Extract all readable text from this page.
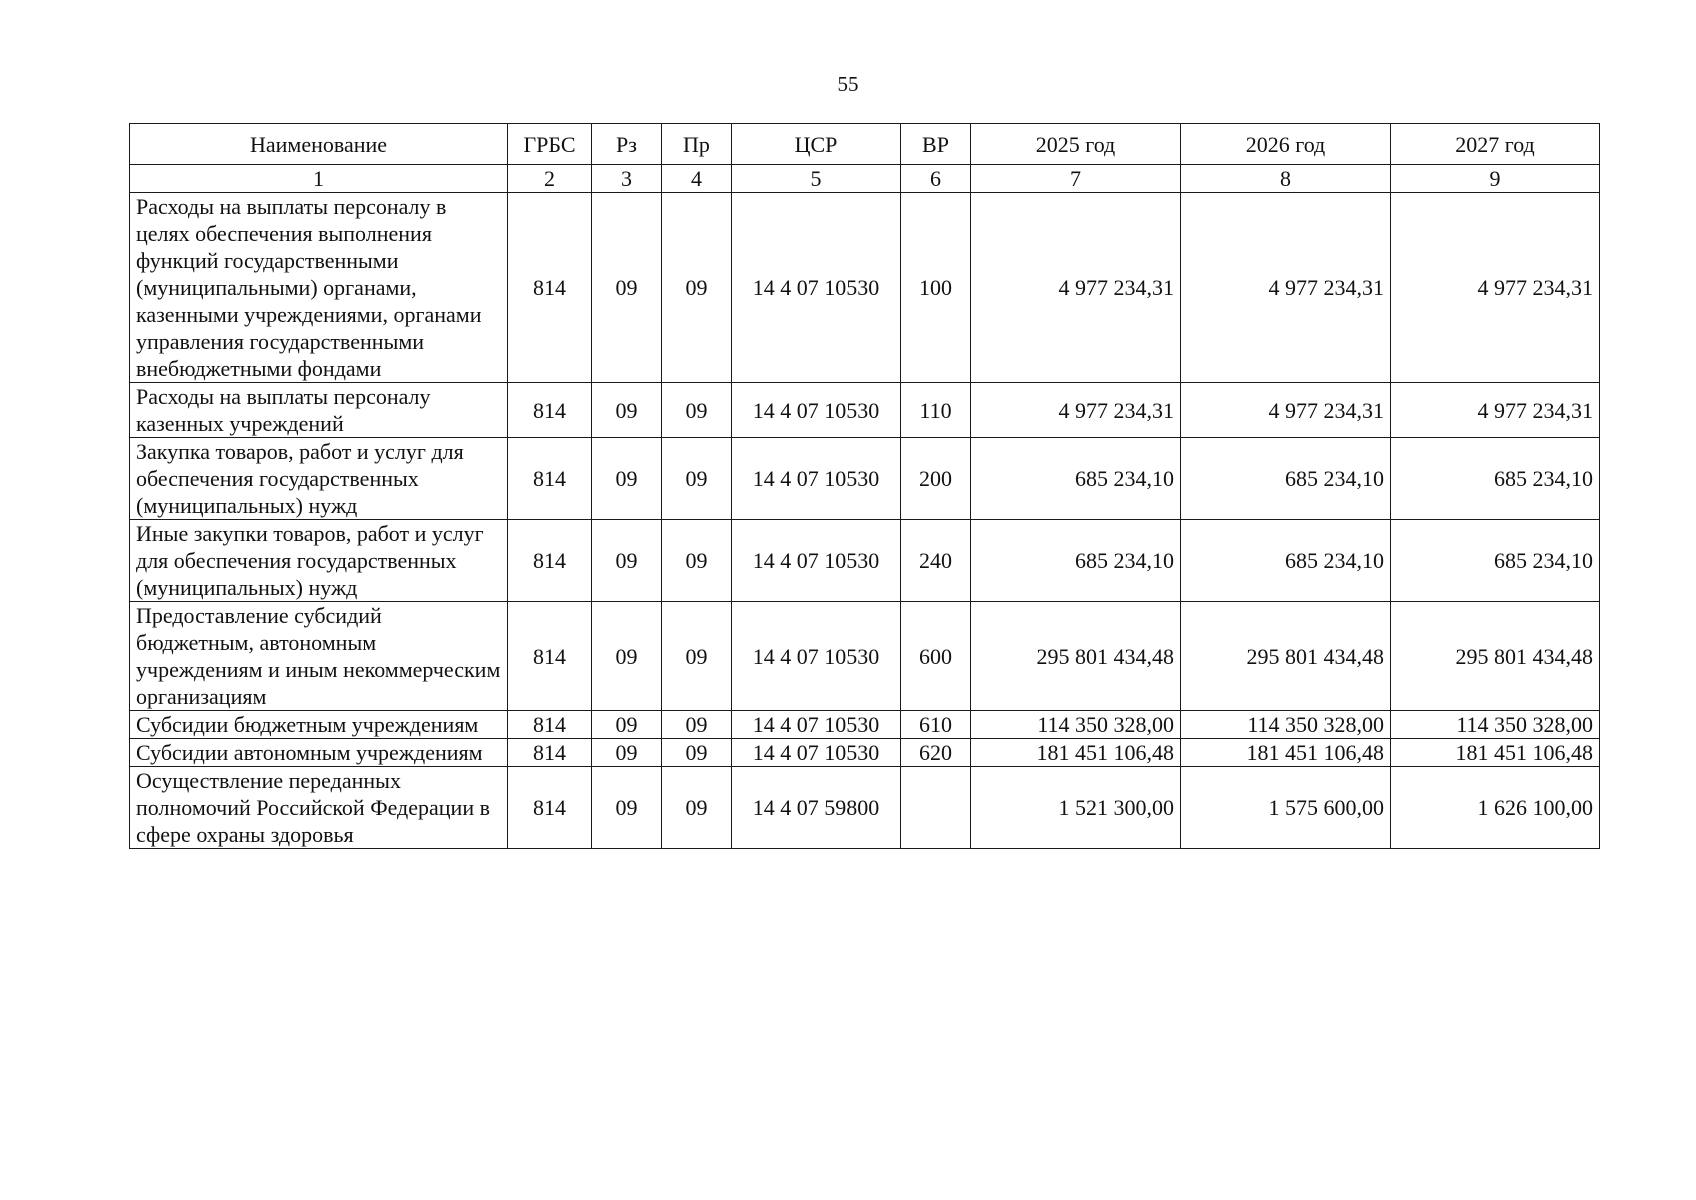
55
Наименование	ГРБС	Рз	Пр	ЦСР	ВР	2025 год	2026 год	2027 год
1	2	3	4	5	6	7	8	9
Расходы на выплаты персоналу в целях обеспечения выполнения функций государственными (муниципальными) органами, казенными учреждениями, органами управления государственными внебюджетными фондами	814	09	09	14 4 07 10530	100	4 977 234,31	4 977 234,31	4 977 234,31
Расходы на выплаты персоналу казенных учреждений	814	09	09	14 4 07 10530	110	4 977 234,31	4 977 234,31	4 977 234,31
Закупка товаров, работ и услуг для обеспечения государственных (муниципальных) нужд	814	09	09	14 4 07 10530	200	685 234,10	685 234,10	685 234,10
Иные закупки товаров, работ и услуг для обеспечения государственных (муниципальных) нужд	814	09	09	14 4 07 10530	240	685 234,10	685 234,10	685 234,10
Предоставление субсидий бюджетным, автономным учреждениям и иным некоммерческим организациям	814	09	09	14 4 07 10530	600	295 801 434,48	295 801 434,48	295 801 434,48
Субсидии бюджетным учреждениям	814	09	09	14 4 07 10530	610	114 350 328,00	114 350 328,00	114 350 328,00
Субсидии автономным учреждениям	814	09	09	14 4 07 10530	620	181 451 106,48	181 451 106,48	181 451 106,48
Осуществление переданных полномочий Российской Федерации в сфере охраны здоровья	814	09	09	14 4 07 59800		1 521 300,00	1 575 600,00	1 626 100,00
